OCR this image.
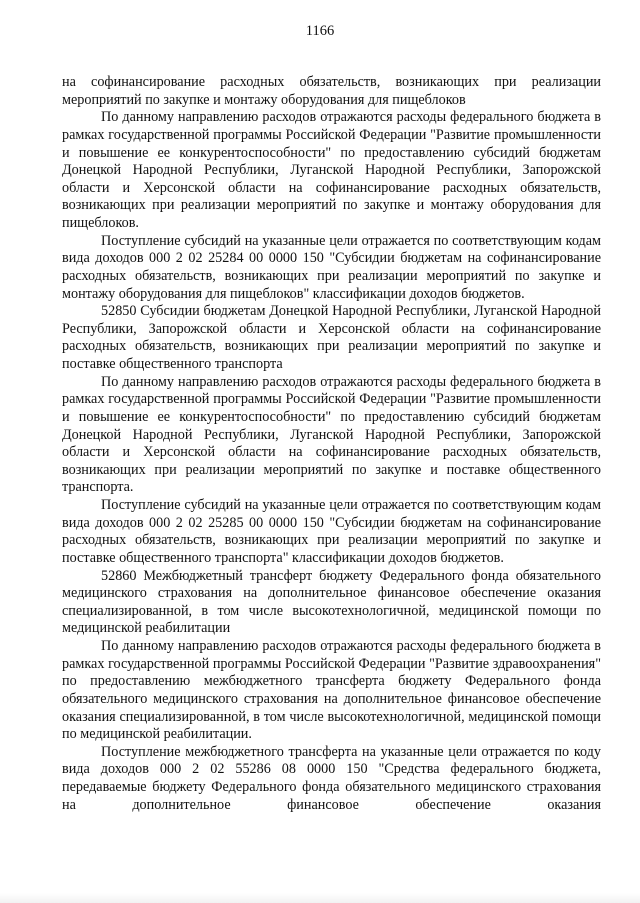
1166

на софинансирование расходных обязательств, возникающих при реализации мероприятий по закупке и монтажу оборудования для пищеблоков

По данному направлению расходов отражаются расходы федерального бюджета в рамках государственной программы Российской Федерации "Развитие промышленности и повышение ее конкурентоспособности" по предоставлению субсидий бюджетам Донецкой Народной Республики, Луганской Народной Республики, Запорожской области и Херсонской области на софинансирование расходных обязательств, возникающих при реализации мероприятий по закупке и монтажу оборудования для пищеблоков.

Поступление субсидий на указанные цели отражается по соответствующим кодам вида доходов 000 2 02 25284 00 0000 150 "Субсидии бюджетам на софинансирование расходных обязательств, возникающих при реализации мероприятий по закупке и монтажу оборудования для пищеблоков" классификации доходов бюджетов.

52850 Субсидии бюджетам Донецкой Народной Республики, Луганской Народной Республики, Запорожской области и Херсонской области на софинансирование расходных обязательств, возникающих при реализации мероприятий по закупке и поставке общественного транспорта

По данному направлению расходов отражаются расходы федерального бюджета в рамках государственной программы Российской Федерации "Развитие промышленности и повышение ее конкурентоспособности" по предоставлению субсидий бюджетам Донецкой Народной Республики, Луганской Народной Республики, Запорожской области и Херсонской области на софинансирование расходных обязательств, возникающих при реализации мероприятий по закупке и поставке общественного транспорта.

Поступление субсидий на указанные цели отражается по соответствующим кодам вида доходов 000 2 02 25285 00 0000 150 "Субсидии бюджетам на софинансирование расходных обязательств, возникающих при реализации мероприятий по закупке и поставке общественного транспорта" классификации доходов бюджетов.

52860 Межбюджетный трансферт бюджету Федерального фонда обязательного медицинского страхования на дополнительное финансовое обеспечение оказания специализированной, в том числе высокотехнологичной, медицинской помощи по медицинской реабилитации

По данному направлению расходов отражаются расходы федерального бюджета в рамках государственной программы Российской Федерации "Развитие здравоохранения" по предоставлению межбюджетного трансферта бюджету Федерального фонда обязательного медицинского страхования на дополнительное финансовое обеспечение оказания специализированной, в том числе высокотехнологичной, медицинской помощи по медицинской реабилитации.

Поступление межбюджетного трансферта на указанные цели отражается по коду вида доходов 000 2 02 55286 08 0000 150 "Средства федерального бюджета, передаваемые бюджету Федерального фонда обязательного медицинского страхования на дополнительное финансовое обеспечение оказания
